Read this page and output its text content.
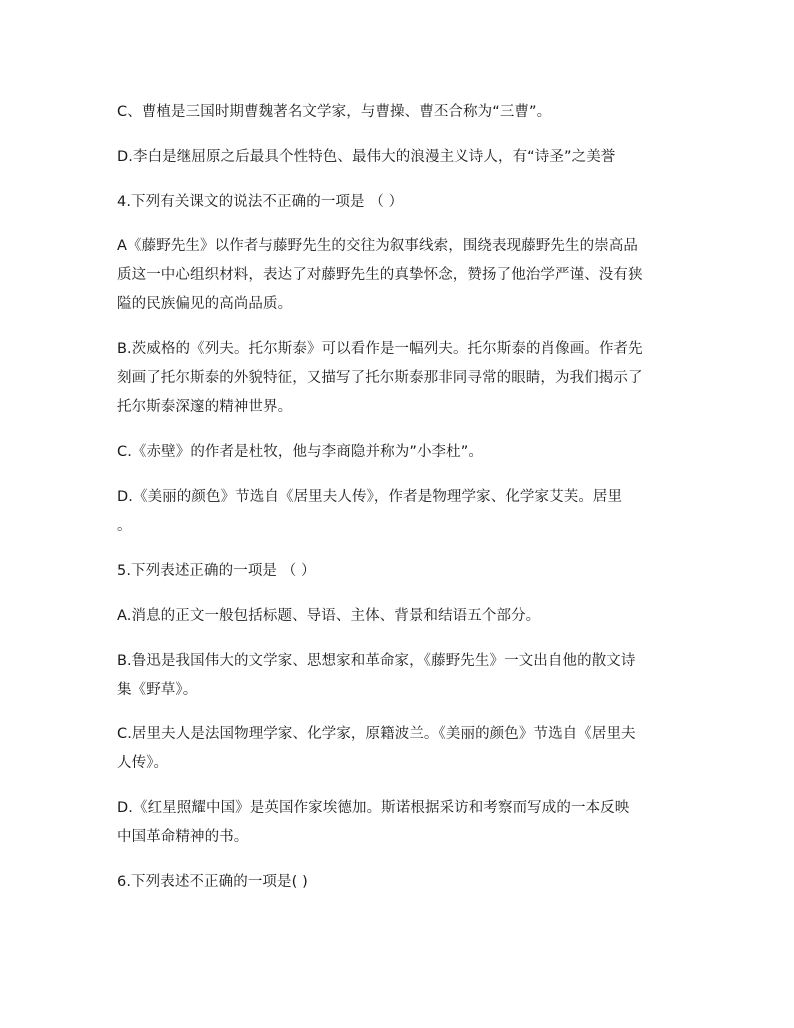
C、曹植是三国时期曹魏著名文学家，与曹操、曹丕合称为“三曹”。

D.李白是继屈原之后最具个性特色、最伟大的浪漫主义诗人，有“诗圣”之美誉

4.下列有关课文的说法不正确的一项是 （ ）

A《藤野先生》以作者与藤野先生的交往为叙事线索，围绕表现藤野先生的崇高品
质这一中心组织材料，表达了对藤野先生的真挚怀念，赞扬了他治学严谨、没有狭
隘的民族偏见的高尚品质。

B.茨威格的《列夫。托尔斯泰》可以看作是一幅列夫。托尔斯泰的肖像画。作者先
刻画了托尔斯泰的外貌特征，又描写了托尔斯泰那非同寻常的眼睛，为我们揭示了
托尔斯泰深邃的精神世界。

C.《赤壁》的作者是杜牧，他与李商隐并称为”小李杜”。

D.《美丽的颜色》节选自《居里夫人传》，作者是物理学家、化学家艾芙。居里
。

5.下列表述正确的一项是 （ ）

A.消息的正文一般包括标题、导语、主体、背景和结语五个部分。

B.鲁迅是我国伟大的文学家、思想家和革命家，《藤野先生》一文出自他的散文诗
集《野草》。

C.居里夫人是法国物理学家、化学家，原籍波兰。《美丽的颜色》节选自《居里夫
人传》。

D.《红星照耀中国》是英国作家埃德加。斯诺根据采访和考察而写成的一本反映
中国革命精神的书。

6.下列表述不正确的一项是( )
